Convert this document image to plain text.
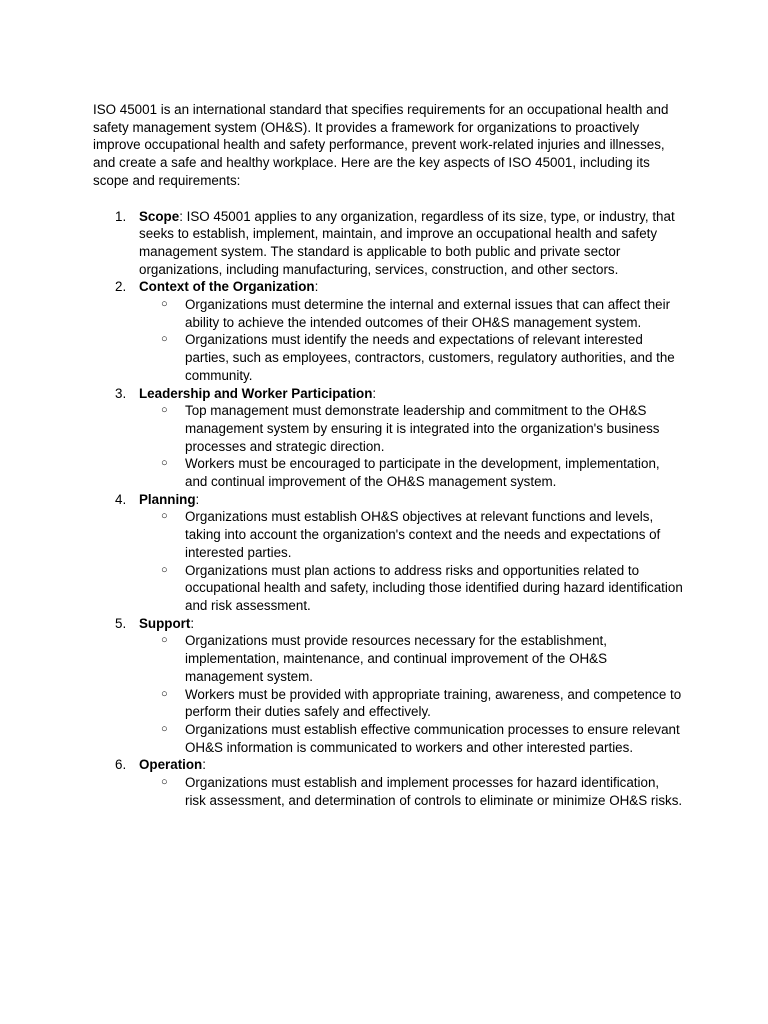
ISO 45001 is an international standard that specifies requirements for an occupational health and safety management system (OH&S). It provides a framework for organizations to proactively improve occupational health and safety performance, prevent work-related injuries and illnesses, and create a safe and healthy workplace. Here are the key aspects of ISO 45001, including its scope and requirements:

1. Scope: ISO 45001 applies to any organization, regardless of its size, type, or industry, that seeks to establish, implement, maintain, and improve an occupational health and safety management system. The standard is applicable to both public and private sector organizations, including manufacturing, services, construction, and other sectors.
2. Context of the Organization:
○ Organizations must determine the internal and external issues that can affect their ability to achieve the intended outcomes of their OH&S management system.
○ Organizations must identify the needs and expectations of relevant interested parties, such as employees, contractors, customers, regulatory authorities, and the community.
3. Leadership and Worker Participation:
○ Top management must demonstrate leadership and commitment to the OH&S management system by ensuring it is integrated into the organization's business processes and strategic direction.
○ Workers must be encouraged to participate in the development, implementation, and continual improvement of the OH&S management system.
4. Planning:
○ Organizations must establish OH&S objectives at relevant functions and levels, taking into account the organization's context and the needs and expectations of interested parties.
○ Organizations must plan actions to address risks and opportunities related to occupational health and safety, including those identified during hazard identification and risk assessment.
5. Support:
○ Organizations must provide resources necessary for the establishment, implementation, maintenance, and continual improvement of the OH&S management system.
○ Workers must be provided with appropriate training, awareness, and competence to perform their duties safely and effectively.
○ Organizations must establish effective communication processes to ensure relevant OH&S information is communicated to workers and other interested parties.
6. Operation:
○ Organizations must establish and implement processes for hazard identification, risk assessment, and determination of controls to eliminate or minimize OH&S risks.
